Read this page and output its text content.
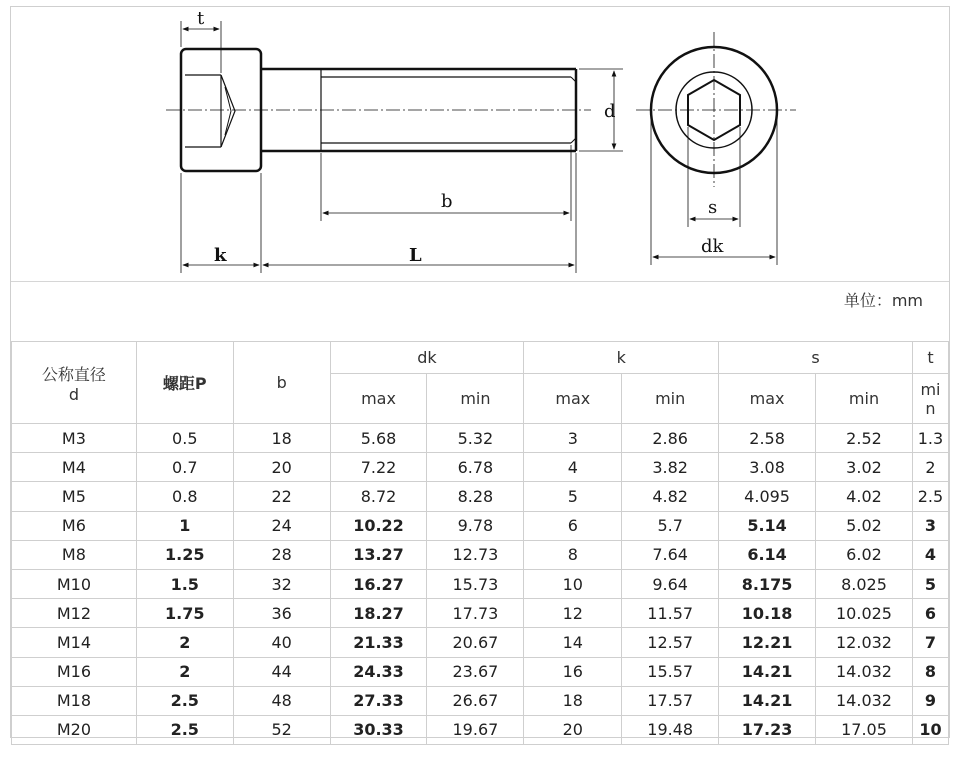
t
d
b
k	L
s
dk
单位：mm
公称直径
d	螺距P	b	dk		k		s		t
			max	min	max	min	max	min	mi
n

M3	0.5	18	5.68	5.32	3	2.86	2.58	2.52	1.3
M4	0.7	20	7.22	6.78	4	3.82	3.08	3.02	2
M5	0.8	22	8.72	8.28	5	4.82	4.095	4.02	2.5
M6	1	24	10.22	9.78	6	5.7	5.14	5.02	3
M8	1.25	28	13.27	12.73	8	7.64	6.14	6.02	4
M10	1.5	32	16.27	15.73	10	9.64	8.175	8.025	5
M12	1.75	36	18.27	17.73	12	11.57	10.18	10.025	6
M14	2	40	21.33	20.67	14	12.57	12.21	12.032	7
M16	2	44	24.33	23.67	16	15.57	14.21	14.032	8
M18	2.5	48	27.33	26.67	18	17.57	14.21	14.032	9
M20	2.5	52	30.33	19.67	20	19.48	17.23	17.05	10
